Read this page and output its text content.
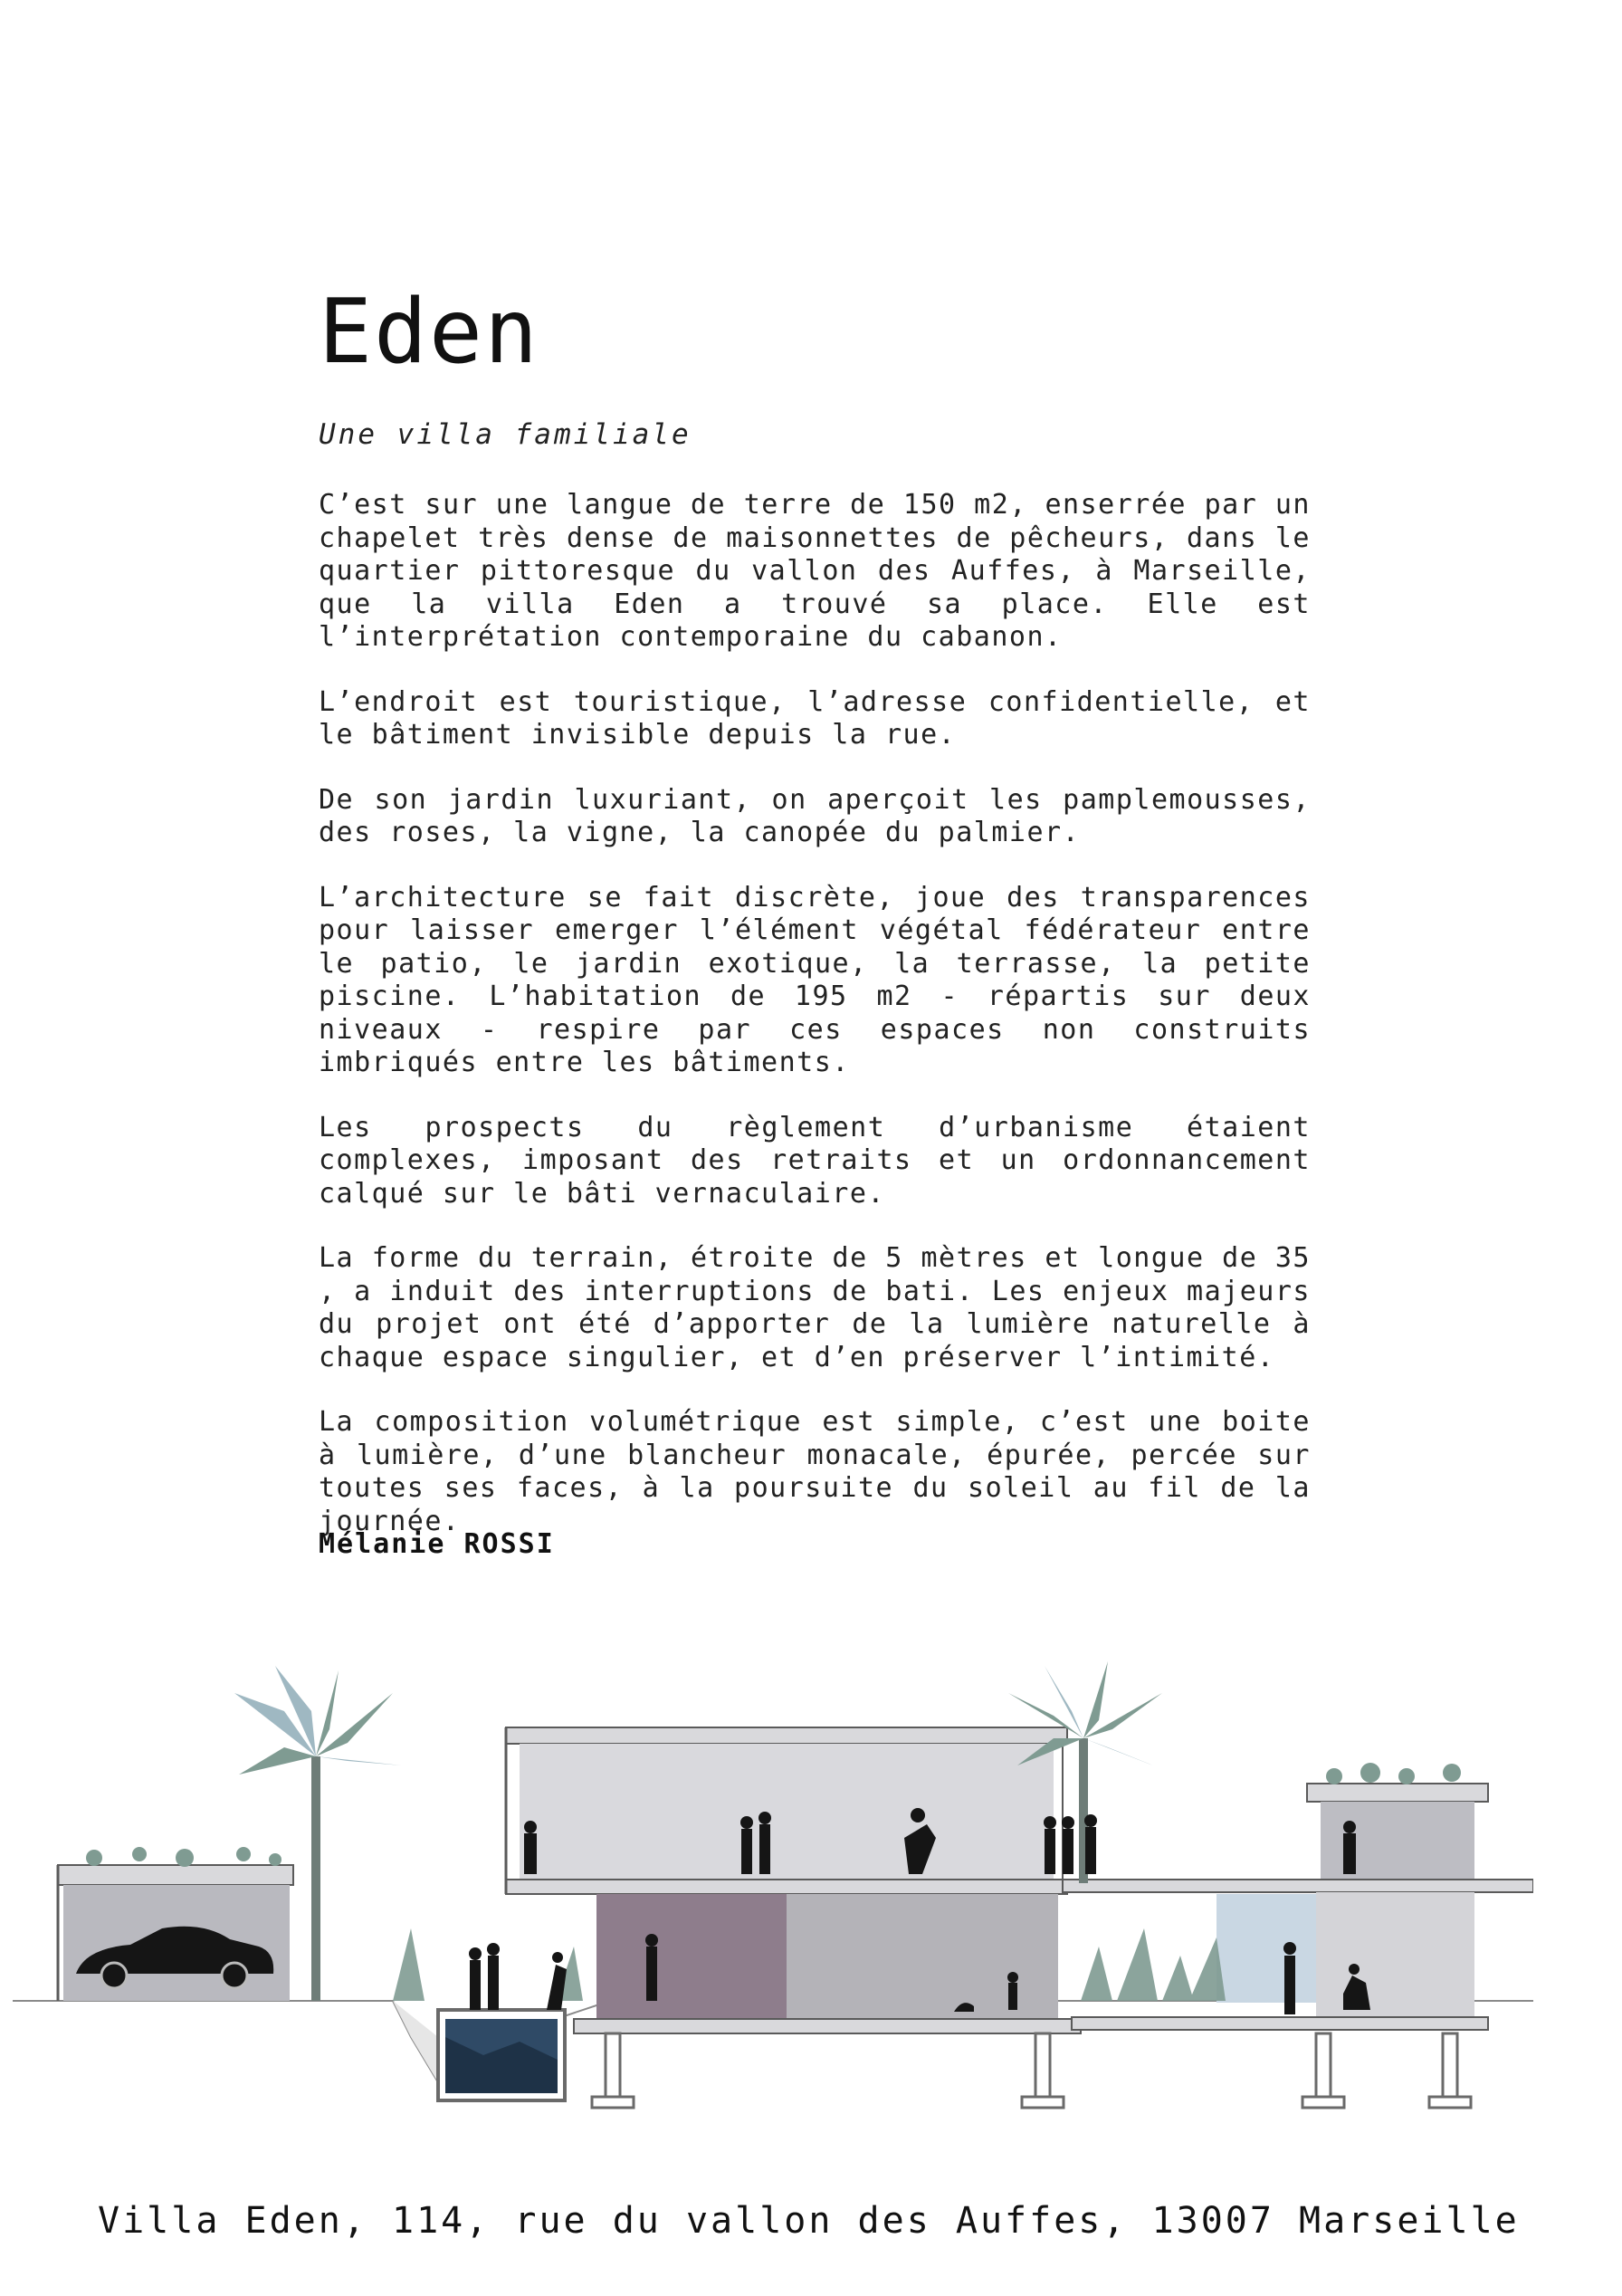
Eden
Une villa familiale

C’est sur une langue de terre de 150 m2, enserrée par un chapelet très dense de maisonnettes de pêcheurs, dans le quartier pittoresque du vallon des Auffes, à Marseille, que la villa Eden a trouvé sa place. Elle est l’interprétation contemporaine du cabanon.

L’endroit est touristique, l’adresse confidentielle, et le bâtiment invisible depuis la rue.

De son jardin luxuriant, on aperçoit les pamplemousses, des roses, la vigne, la canopée du palmier.

L’architecture se fait discrète, joue des transparences pour laisser emerger l’élément végétal fédérateur entre le patio, le jardin exotique, la terrasse, la petite piscine. L’habitation de 195 m2 - répartis sur deux niveaux - respire par ces espaces non construits imbriqués entre les bâtiments.

Les prospects du règlement d’urbanisme étaient complexes, imposant des retraits et un ordonnancement calqué sur le bâti vernaculaire.

La forme du terrain, étroite de 5 mètres et longue de 35 , a induit des interruptions de bati. Les enjeux majeurs du projet ont été d’apporter de la lumière naturelle à chaque espace singulier, et d’en préserver l’intimité.

La composition volumétrique est simple, c’est une boite à lumière, d’une blancheur monacale, épurée, percée sur toutes ses faces, à la poursuite du soleil au fil de la journée.

Mélanie ROSSI
Villa Eden, 114, rue du vallon des Auffes, 13007 Marseille
